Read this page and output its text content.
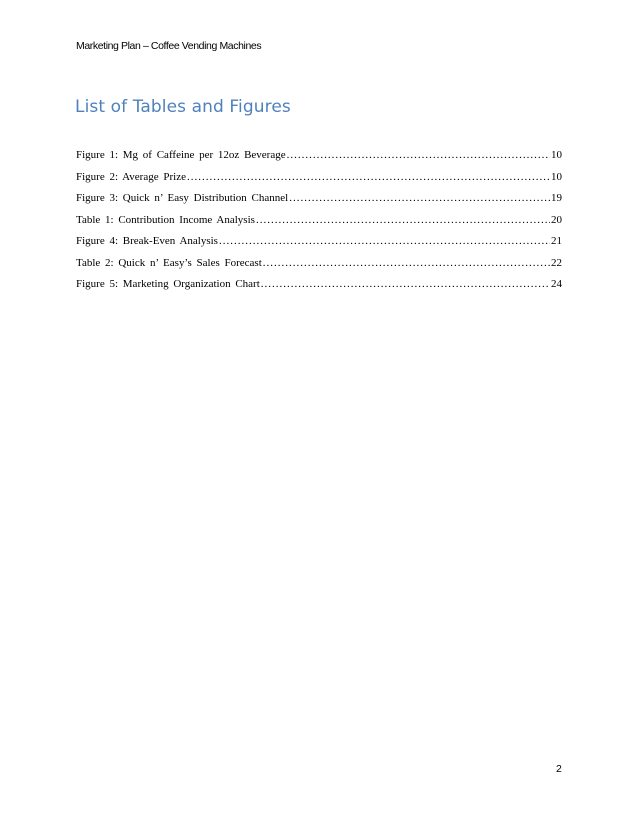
Marketing Plan – Coffee Vending Machines
List of Tables and Figures
Figure 1: Mg of Caffeine per 12oz Beverage .....	10
Figure 2: Average Prize .....	10
Figure 3: Quick n’ Easy Distribution Channel .....	19
Table 1: Contribution Income Analysis .....	20
Figure 4: Break-Even Analysis .....	21
Table 2: Quick n’ Easy’s Sales Forecast .....	22
Figure 5: Marketing Organization Chart .....	24
2
